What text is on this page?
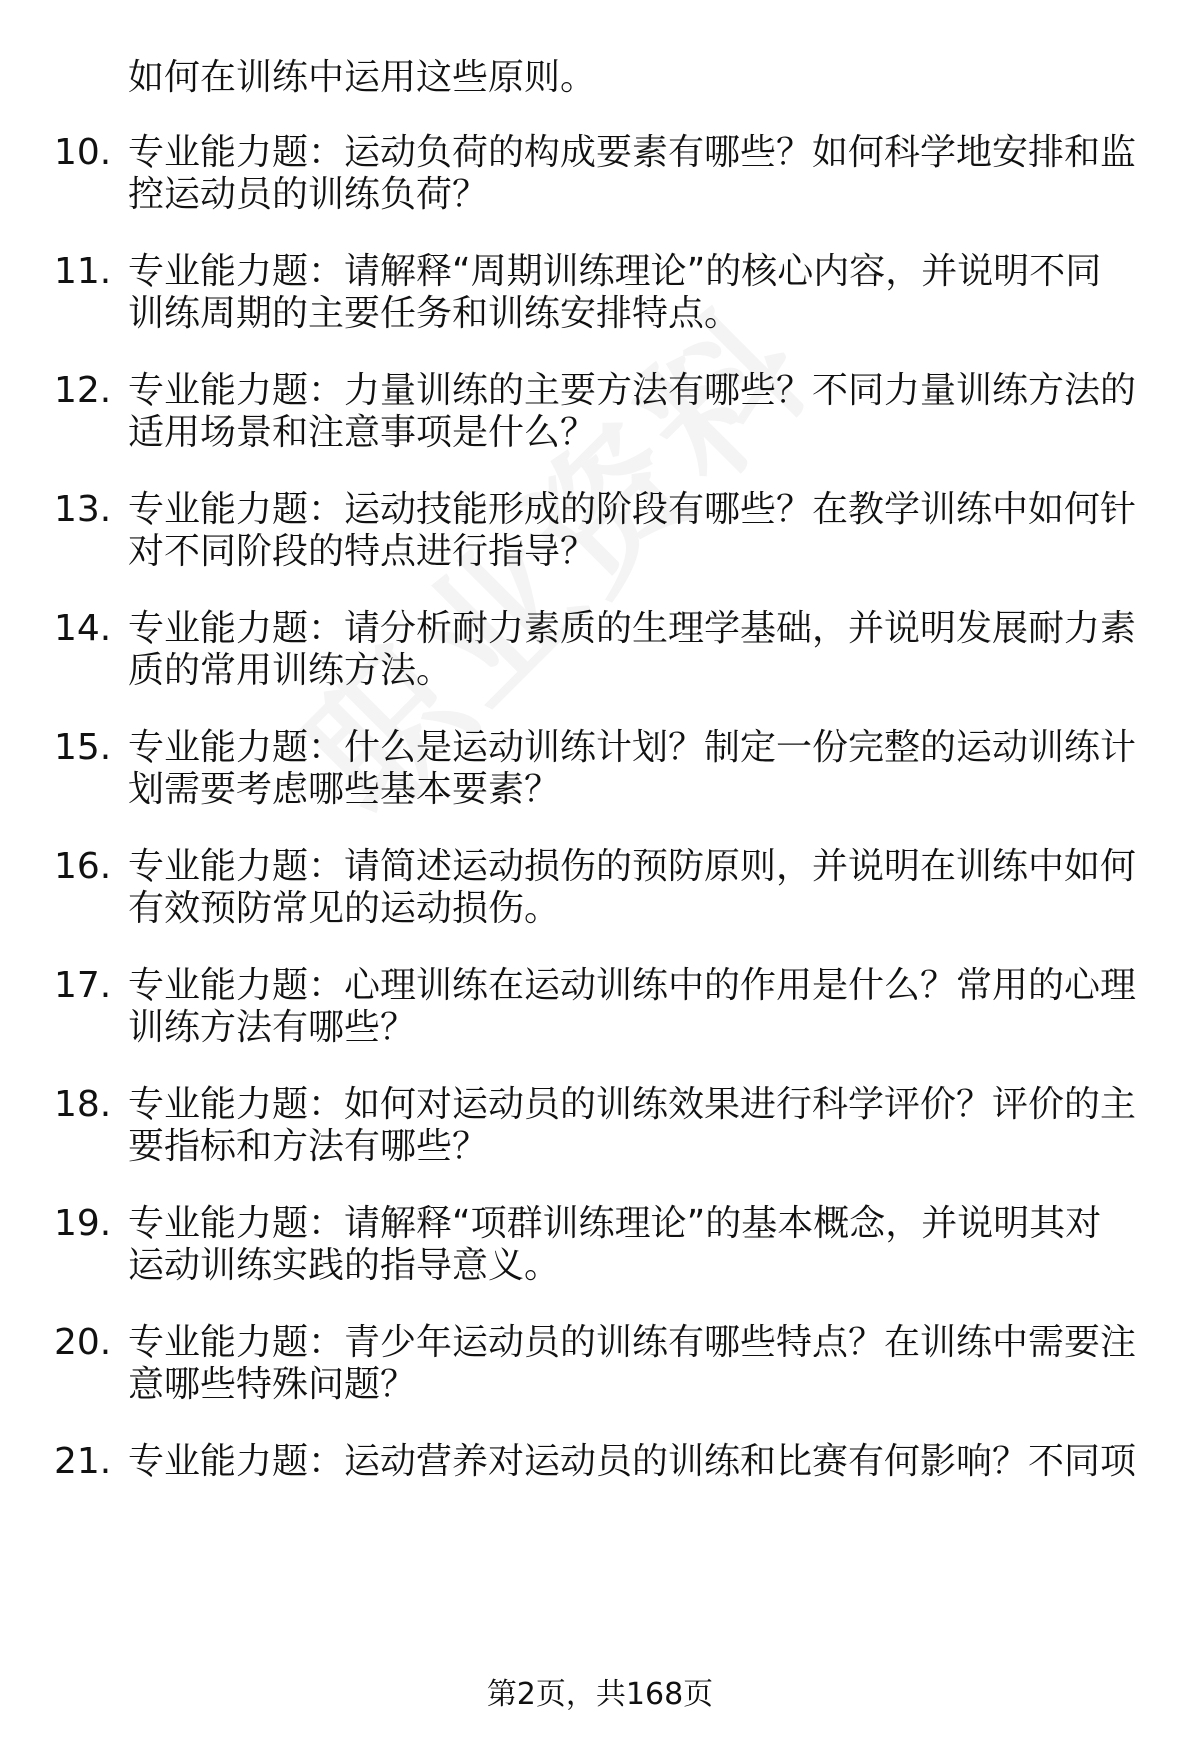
如何在训练中运用这些原则。
10. 专业能力题：运动负荷的构成要素有哪些？如何科学地安排和监
控运动员的训练负荷？
11. 专业能力题：请解释“周期训练理论”的核心内容，并说明不同
训练周期的主要任务和训练安排特点。
12. 专业能力题：力量训练的主要方法有哪些？不同力量训练方法的
适用场景和注意事项是什么？
13. 专业能力题：运动技能形成的阶段有哪些？在教学训练中如何针
对不同阶段的特点进行指导？
14. 专业能力题：请分析耐力素质的生理学基础，并说明发展耐力素
质的常用训练方法。
15. 专业能力题：什么是运动训练计划？制定一份完整的运动训练计
划需要考虑哪些基本要素？
16. 专业能力题：请简述运动损伤的预防原则，并说明在训练中如何
有效预防常见的运动损伤。
17. 专业能力题：心理训练在运动训练中的作用是什么？常用的心理
训练方法有哪些？
18. 专业能力题：如何对运动员的训练效果进行科学评价？评价的主
要指标和方法有哪些？
19. 专业能力题：请解释“项群训练理论”的基本概念，并说明其对
运动训练实践的指导意义。
20. 专业能力题：青少年运动员的训练有哪些特点？在训练中需要注
意哪些特殊问题？
21. 专业能力题：运动营养对运动员的训练和比赛有何影响？不同项
第2页，共168页
